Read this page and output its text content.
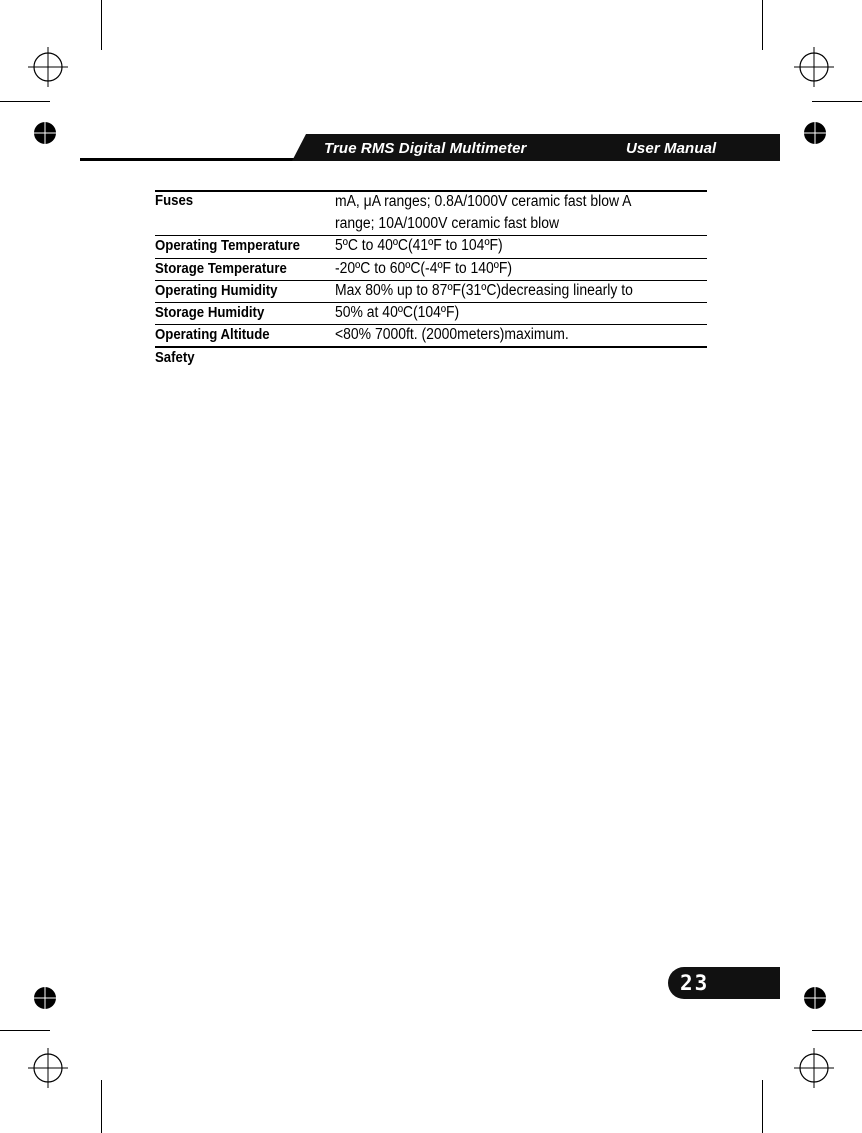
True RMS Digital Multimeter	User Manual
Fuses	mA, μA ranges; 0.8A/1000V ceramic fast blow A
range; 10A/1000V ceramic fast blow
Operating Temperature 5ºC to 40ºC(41ºF to 104ºF)
Storage Temperature	-20ºC to 60ºC(-4ºF to 140ºF)
Operating Humidity	Max 80% up to 87ºF(31ºC)decreasing linearly to
Storage Humidity	50% at 40ºC(104ºF)
Operating Altitude	<80% 7000ft. (2000meters)maximum.
Safety
23
